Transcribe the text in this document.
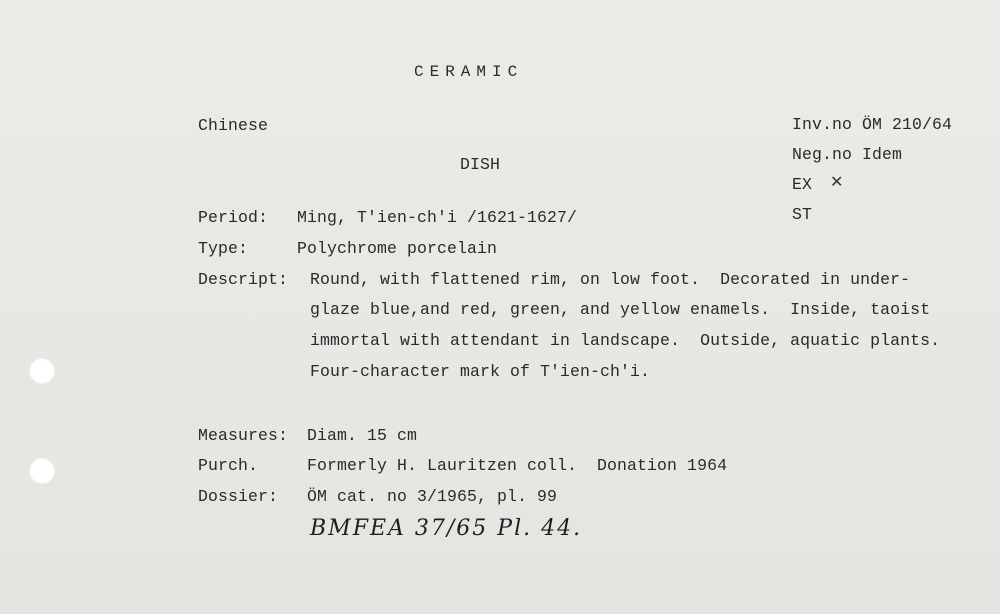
CERAMIC
Chinese
DISH
Inv.no ÖM 210/64
Neg.no Idem
EX ✕
ST
Period: Ming, T'ien-ch'i /1621-1627/
Type:	Polychrome porcelain
Descript: Round, with flattened rim, on low foot.  Decorated in under-
glaze blue,and red, green, and yellow enamels.  Inside, taoist
immortal with attendant in landscape.  Outside, aquatic plants.
Four-character mark of T'ien-ch'i.
Measures: Diam. 15 cm
Purch.	Formerly H. Lauritzen coll.  Donation 1964
Dossier: ÖM cat. no 3/1965, pl. 99
BMFEA 37/65 Pl. 44.
